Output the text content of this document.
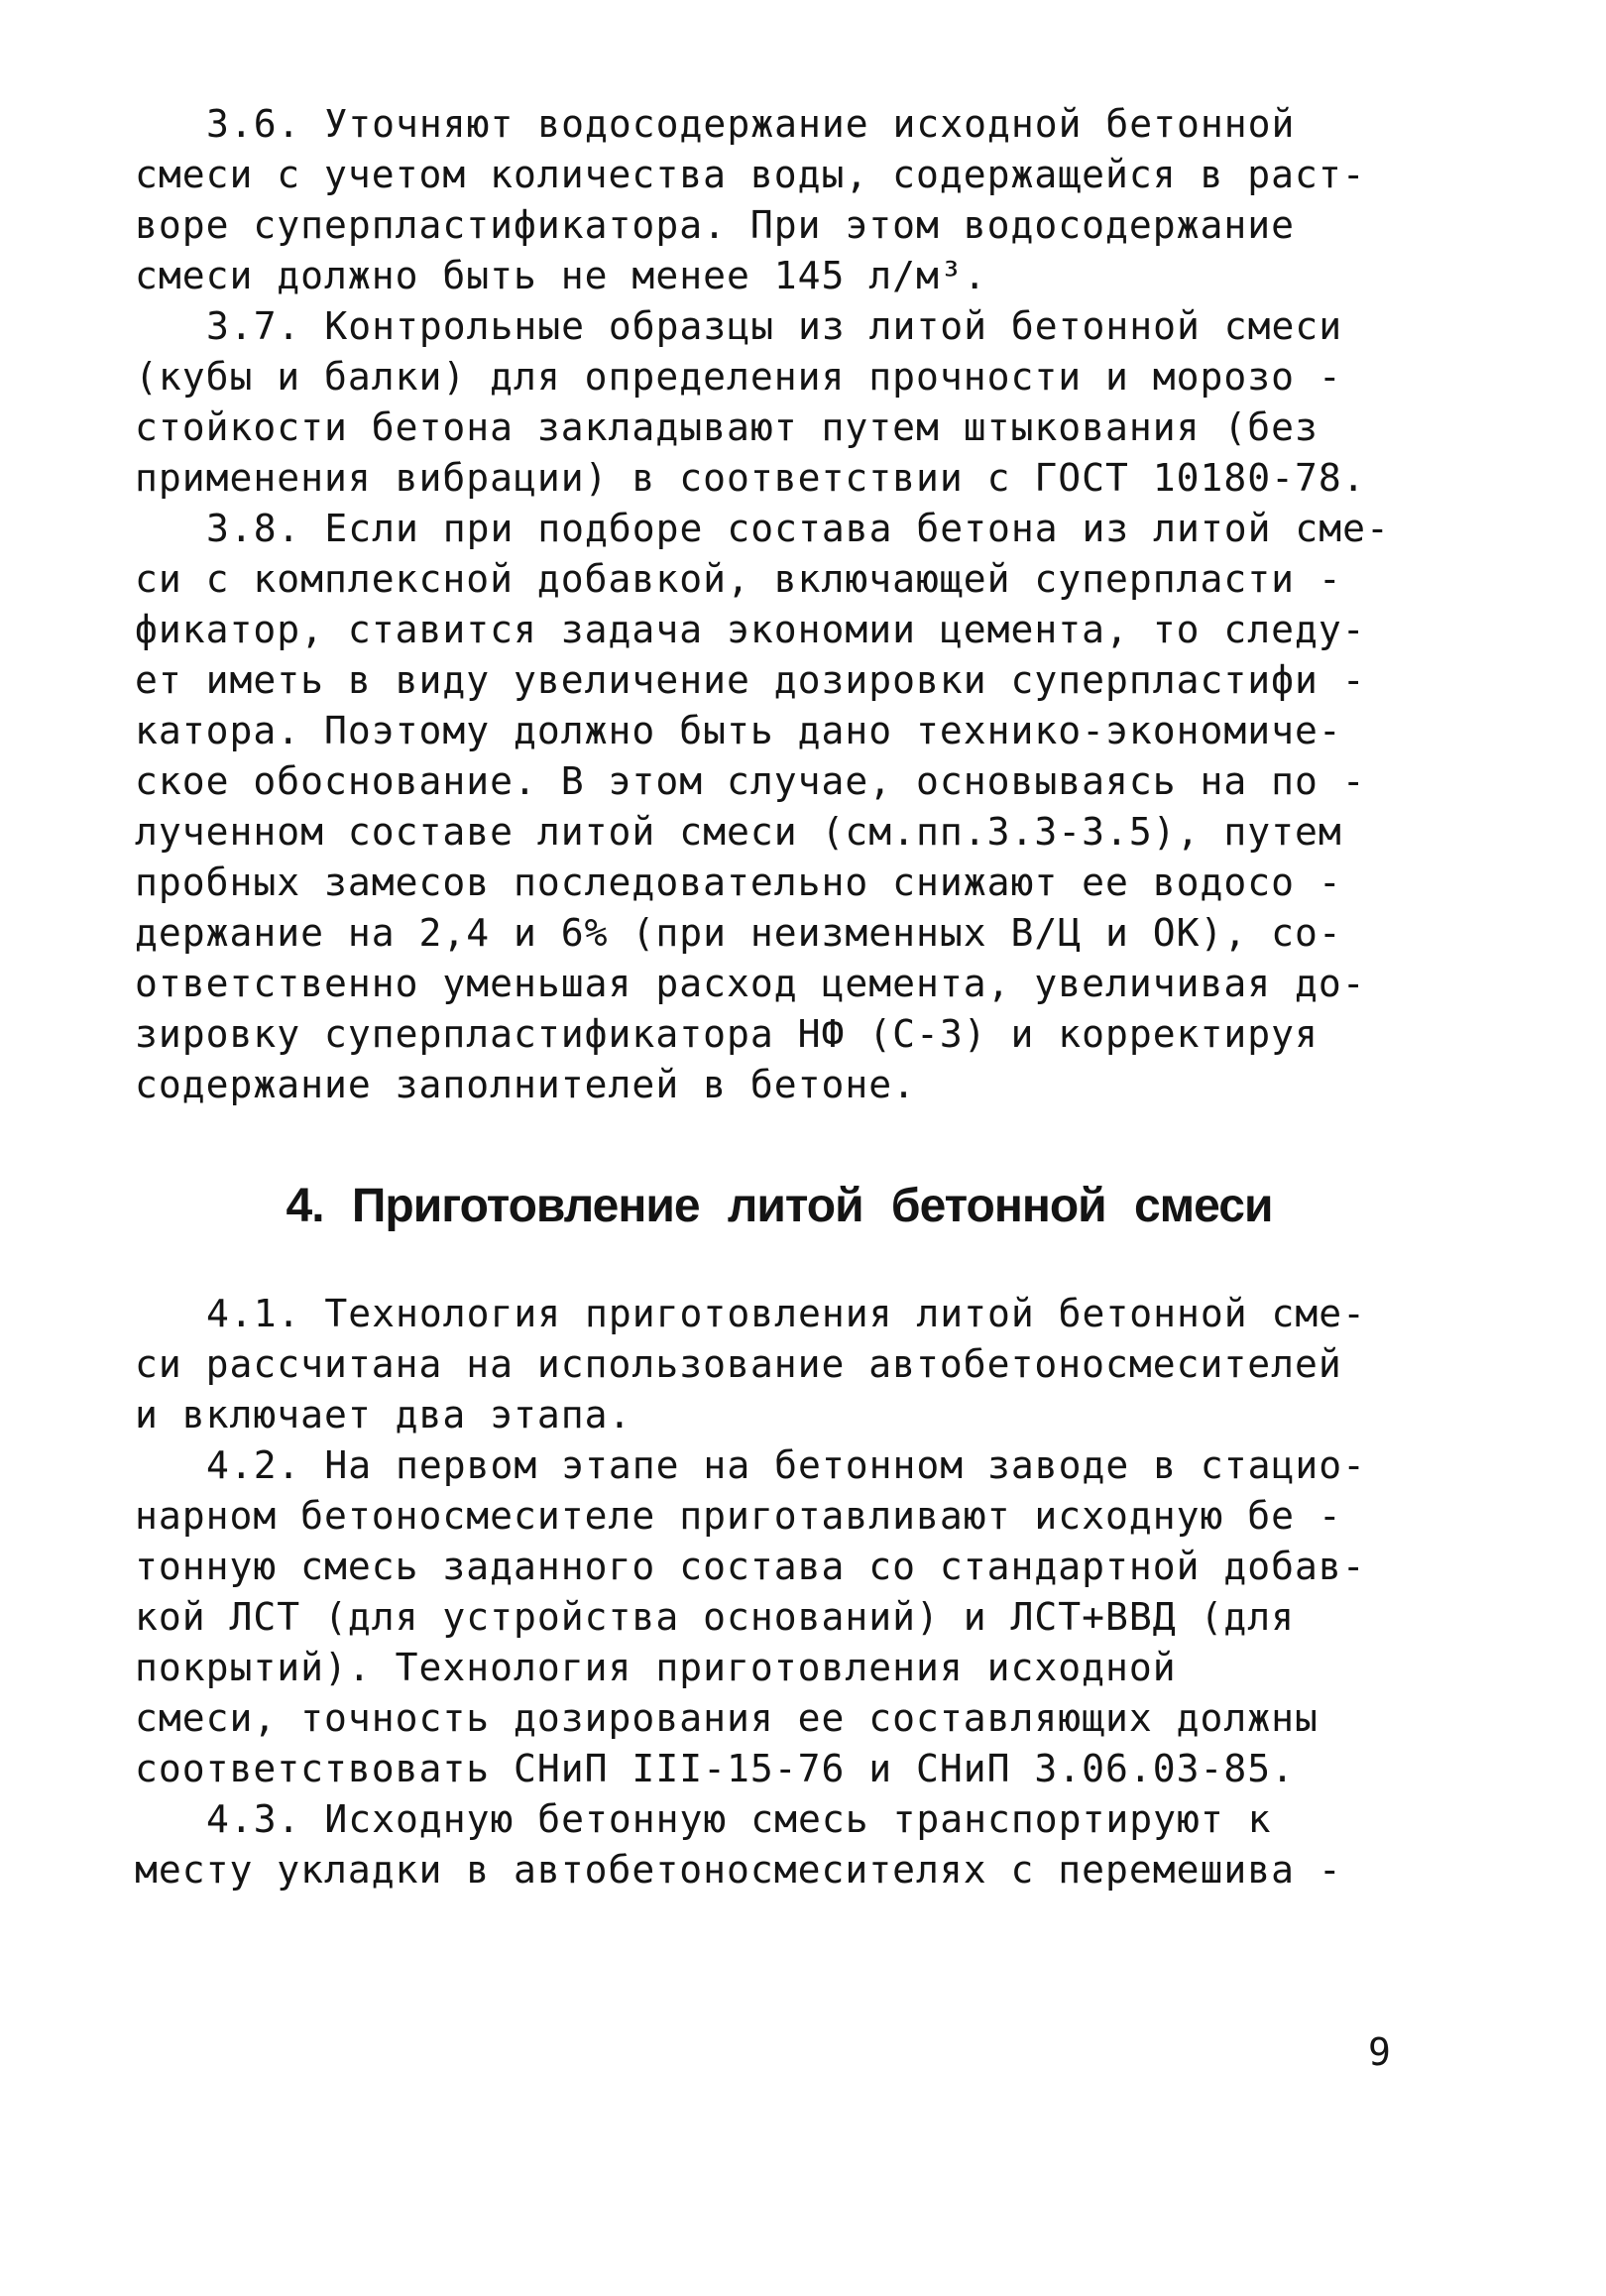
3.6. Уточняют водосодержание исходной бетонной
смеси с учетом количества воды, содержащейся в раст-
воре суперпластификатора. При этом водосодержание
смеси должно быть не менее 145 л/м³.
3.7. Контрольные образцы из литой бетонной смеси
(кубы и балки) для определения прочности и морозо -
стойкости бетона закладывают путем штыкования (без
применения вибрации) в соответствии с ГОСТ 10180-78.
3.8. Если при подборе состава бетона из литой сме-
си с комплексной добавкой, включающей суперпласти -
фикатор, ставится задача экономии цемента, то следу-
ет иметь в виду увеличение дозировки суперпластифи -
катора. Поэтому должно быть дано технико-экономиче-
ское обоснование. В этом случае, основываясь на по -
лученном составе литой смеси (см.пп.3.3-3.5), путем
пробных замесов последовательно снижают ее водосо -
держание на 2,4 и 6% (при неизменных В/Ц и ОК), со-
ответственно уменьшая расход цемента, увеличивая до-
зировку суперпластификатора НФ (С-3) и корректируя
содержание заполнителей в бетоне.
4. Приготовление литой бетонной смеси
4.1. Технология приготовления литой бетонной сме-
си рассчитана на использование автобетоносмесителей
и включает два этапа.
4.2. На первом этапе на бетонном заводе в стацио-
нарном бетоносмесителе приготавливают исходную бе -
тонную смесь заданного состава со стандартной добав-
кой ЛСТ (для устройства оснований) и ЛСТ+ВВД (для
покрытий). Технология приготовления исходной
смеси, точность дозирования ее составляющих должны
соответствовать СНиП III-15-76 и СНиП 3.06.03-85.
4.3. Исходную бетонную смесь транспортируют к
месту укладки в автобетоносмесителях с перемешива -
9
